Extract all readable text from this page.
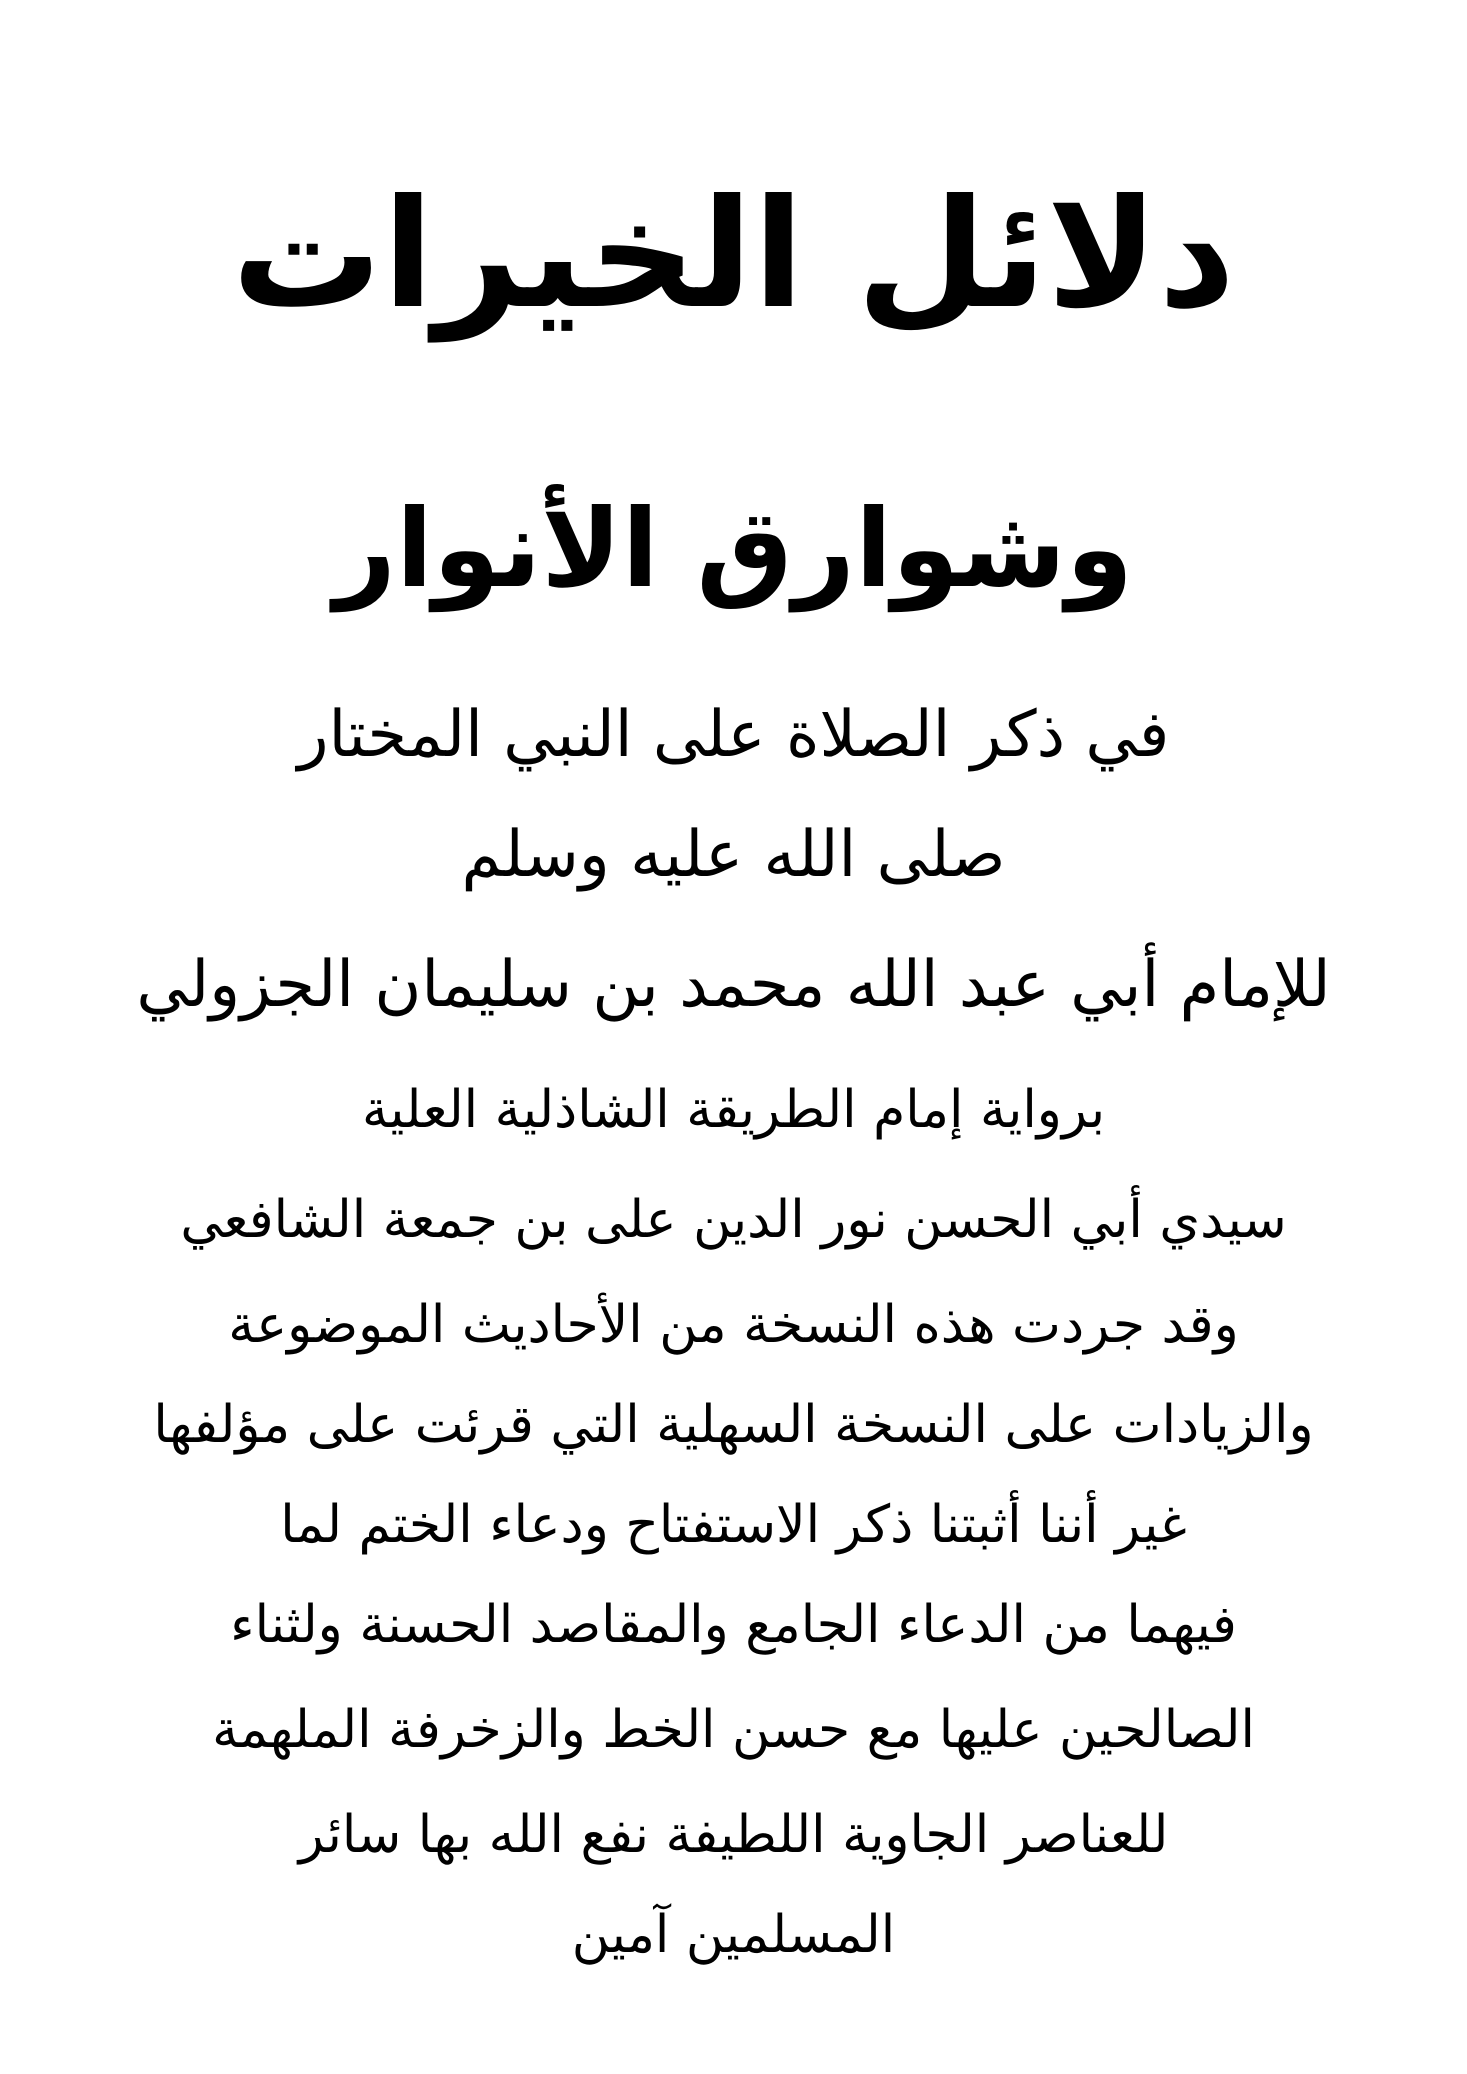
دلائل الخيرات
وشوارق الأنوار
في ذكر الصلاة على النبي المختار
صلى الله عليه وسلم
للإمام أبي عبد الله محمد بن سليمان الجزولي
برواية إمام الطريقة الشاذلية العلية
سيدي أبي الحسن نور الدين على بن جمعة الشافعي
وقد جردت هذه النسخة من الأحاديث الموضوعة
والزيادات على النسخة السهلية التي قرئت على مؤلفها
غير أننا أثبتنا ذكر الاستفتاح ودعاء الختم لما
فيهما من الدعاء الجامع والمقاصد الحسنة ولثناء
الصالحين عليها مع حسن الخط والزخرفة الملهمة
للعناصر الجاوية اللطيفة نفع الله بها سائر
المسلمين آمين
